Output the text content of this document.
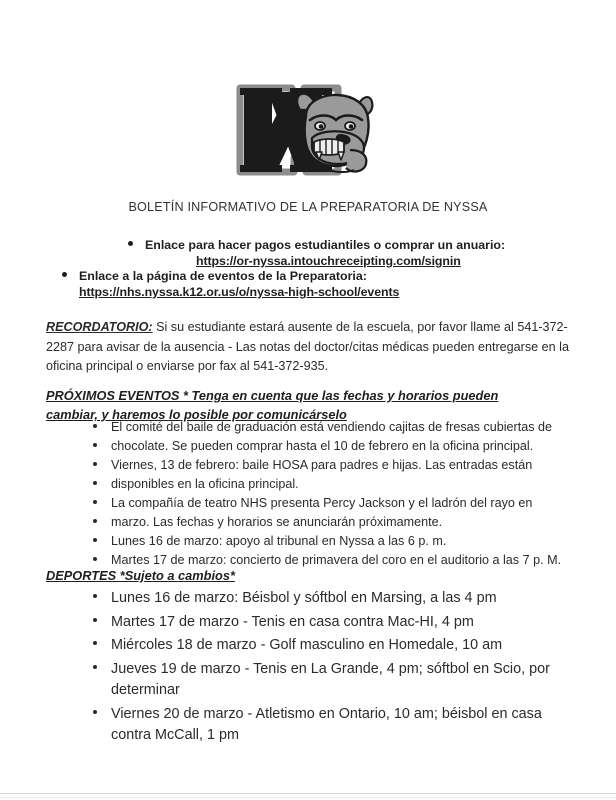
BOLETÍN INFORMATIVO DE LA PREPARATORIA DE NYSSA
Enlace para hacer pagos estudiantiles o comprar un anuario:
https://or-nyssa.intouchreceipting.com/signin
Enlace a la página de eventos de la Preparatoria:
https://nhs.nyssa.k12.or.us/o/nyssa-high-school/events
RECORDATORIO: Si su estudiante estará ausente de la escuela, por favor llame al 541-372-2287 para avisar de la ausencia - Las notas del doctor/citas médicas pueden entregarse en la oficina principal o enviarse por fax al 541-372-935.
PRÓXIMOS EVENTOS * Tenga en cuenta que las fechas y horarios pueden
cambiar, y haremos lo posible por comunicárselo
El comité del baile de graduación está vendiendo cajitas de fresas cubiertas de
chocolate. Se pueden comprar hasta el 10 de febrero en la oficina principal.
Viernes, 13 de febrero: baile HOSA para padres e hijas. Las entradas están
disponibles en la oficina principal.
La compañía de teatro NHS presenta Percy Jackson y el ladrón del rayo en
marzo. Las fechas y horarios se anunciarán próximamente.
Lunes 16 de marzo: apoyo al tribunal en Nyssa a las 6 p. m.
Martes 17 de marzo: concierto de primavera del coro en el auditorio a las 7 p. M.
DEPORTES *Sujeto a cambios*
Lunes 16 de marzo: Béisbol y sóftbol en Marsing, a las 4 pm
Martes 17 de marzo - Tenis en casa contra Mac-HI, 4 pm
Miércoles 18 de marzo - Golf masculino en Homedale, 10 am
Jueves 19 de marzo - Tenis en La Grande, 4 pm; sóftbol en Scio, por determinar
Viernes 20 de marzo - Atletismo en Ontario, 10 am; béisbol en casa contra McCall, 1 pm
